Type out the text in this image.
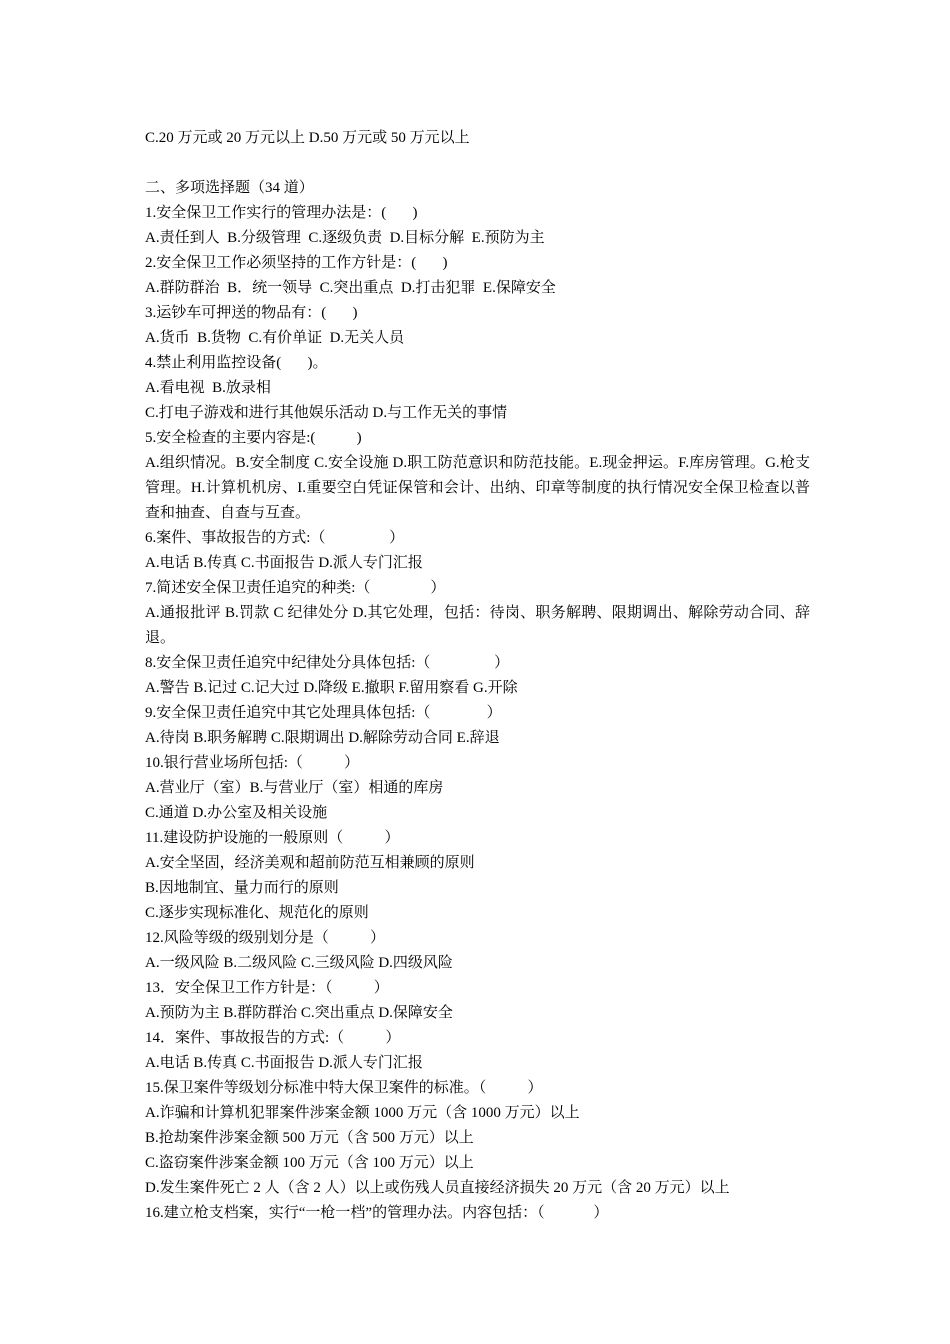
C.20 万元或 20 万元以上 D.50 万元或 50 万元以上
二、多项选择题（34 道）
1.安全保卫工作实行的管理办法是：(       )
A.责任到人  B.分级管理  C.逐级负责  D.目标分解  E.预防为主
2.安全保卫工作必须坚持的工作方针是：(       )
A.群防群治  B．统一领导  C.突出重点  D.打击犯罪  E.保障安全
3.运钞车可押送的物品有：(       )
A.货币  B.货物  C.有价单证  D.无关人员
4.禁止利用监控设备(       )。
A.看电视  B.放录相
C.打电子游戏和进行其他娱乐活动 D.与工作无关的事情
5.安全检查的主要内容是:(           )
A.组织情况。B.安全制度 C.安全设施 D.职工防范意识和防范技能。E.现金押运。F.库房管理。G.枪支管理。H.计算机机房、I.重要空白凭证保管和会计、出纳、印章等制度的执行情况安全保卫检查以普查和抽查、自查与互查。
6.案件、事故报告的方式:（                 ）
A.电话 B.传真 C.书面报告 D.派人专门汇报
7.简述安全保卫责任追究的种类:（                ）
A.通报批评 B.罚款 C 纪律处分 D.其它处理，包括：待岗、职务解聘、限期调出、解除劳动合同、辞退。
8.安全保卫责任追究中纪律处分具体包括:（                 ）
A.警告 B.记过 C.记大过 D.降级 E.撤职 F.留用察看 G.开除
9.安全保卫责任追究中其它处理具体包括:（               ）
A.待岗 B.职务解聘 C.限期调出 D.解除劳动合同 E.辞退
10.银行营业场所包括:（           ）
A.营业厅（室）B.与营业厅（室）相通的库房
C.通道 D.办公室及相关设施
11.建设防护设施的一般原则（           ）
A.安全坚固，经济美观和超前防范互相兼顾的原则
B.因地制宜、量力而行的原则
C.逐步实现标准化、规范化的原则
12.风险等级的级别划分是（           ）
A.一级风险 B.二级风险 C.三级风险 D.四级风险
13．安全保卫工作方针是：（           ）
A.预防为主 B.群防群治 C.突出重点 D.保障安全
14．案件、事故报告的方式:（           ）
A.电话 B.传真 C.书面报告 D.派人专门汇报
15.保卫案件等级划分标准中特大保卫案件的标准。（           ）
A.诈骗和计算机犯罪案件涉案金额 1000 万元（含 1000 万元）以上
B.抢劫案件涉案金额 500 万元（含 500 万元）以上
C.盗窃案件涉案金额 100 万元（含 100 万元）以上
D.发生案件死亡 2 人（含 2 人）以上或伤残人员直接经济损失 20 万元（含 20 万元）以上
16.建立枪支档案，实行“一枪一档”的管理办法。内容包括：（             ）
